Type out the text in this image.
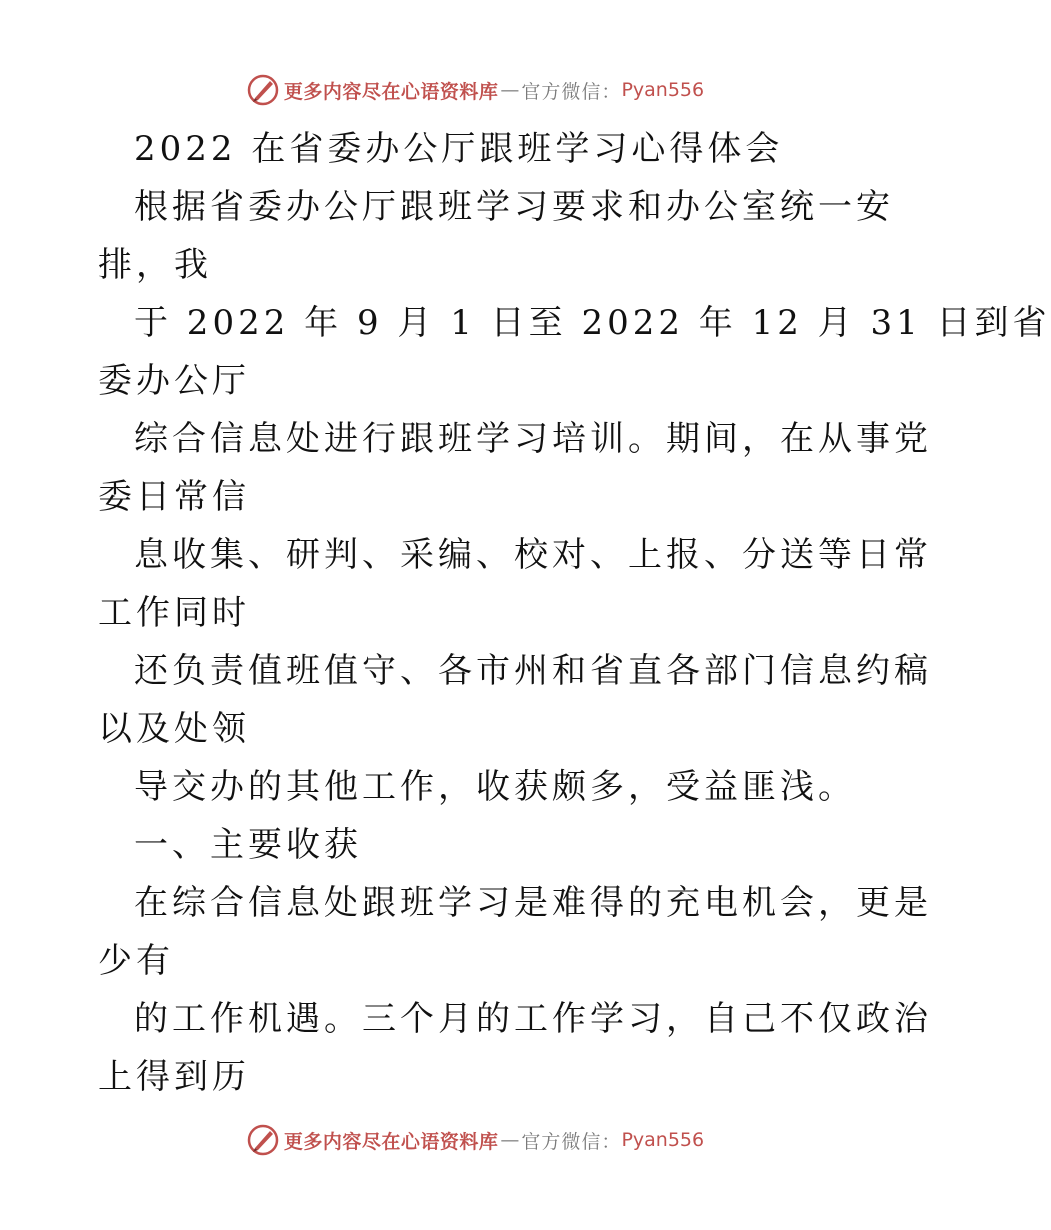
更多内容尽在心语资料库 — 官方微信： Pyan556
2022 在省委办公厅跟班学习心得体会
根据省委办公厅跟班学习要求和办公室统一安
排，我
于 2022 年 9 月 1 日至 2022 年 12 月 31 日到省
委办公厅
综合信息处进行跟班学习培训。期间，在从事党
委日常信
息收集、研判、采编、校对、上报、分送等日常
工作同时
还负责值班值守、各市州和省直各部门信息约稿
以及处领
导交办的其他工作，收获颇多，受益匪浅。
一、主要收获
在综合信息处跟班学习是难得的充电机会，更是
少有
的工作机遇。三个月的工作学习，自己不仅政治
上得到历
更多内容尽在心语资料库 — 官方微信： Pyan556
